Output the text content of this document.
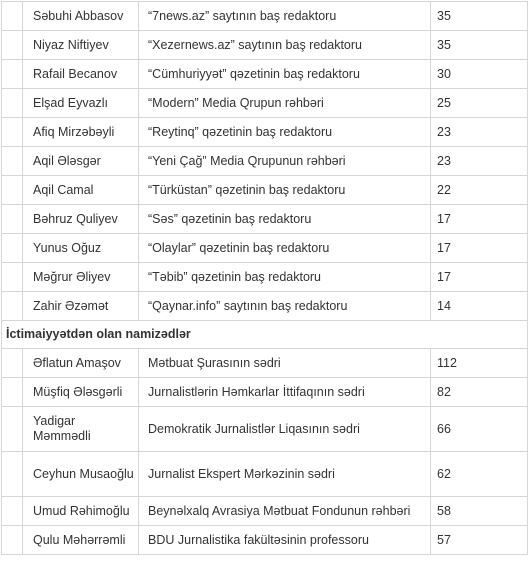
	Səbuhi Abbasov	“7news.az” saytının baş redaktoru	35
	Niyaz Niftiyev	“Xezernews.az” saytının baş redaktoru	35
	Rafail Becanov	“Cümhuriyyət” qəzetinin baş redaktoru	30
	Elşad Eyvazlı	“Modern” Media Qrupun rəhbəri	25
	Afiq Mirzəbəyli	“Reytinq” qəzetinin baş redaktoru	23
	Aqil Ələsgər	“Yeni Çağ” Media Qrupunun rəhbəri	23
	Aqil Camal	“Türküstan” qəzetinin baş redaktoru	22
	Bəhruz Quliyev	“Səs” qəzetinin baş redaktoru	17
	Yunus Oğuz	“Olaylar” qəzetinin baş redaktoru	17
	Məğrur Əliyev	“Təbib” qəzetinin baş redaktoru	17
	Zahir Əzəmət	“Qaynar.info” saytının baş redaktoru	14
İctimaiyyətdən olan namizədlər			
	Əflatun Amaşov	Mətbuat Şurasının sədri	112
	Müşfiq Ələsgərli	Jurnalistlərin Həmkarlar İttifaqının sədri	82
	Yadigar Məmmədli	Demokratik Jurnalistlər Liqasının sədri	66
	Ceyhun Musaoğlu	Jurnalist Ekspert Mərkəzinin sədri	62
	Umud Rəhimoğlu	Beynəlxalq Avrasiya Mətbuat Fondunun rəhbəri	58
	Qulu Məhərrəmli	BDU Jurnalistika fakültəsinin professoru	57
